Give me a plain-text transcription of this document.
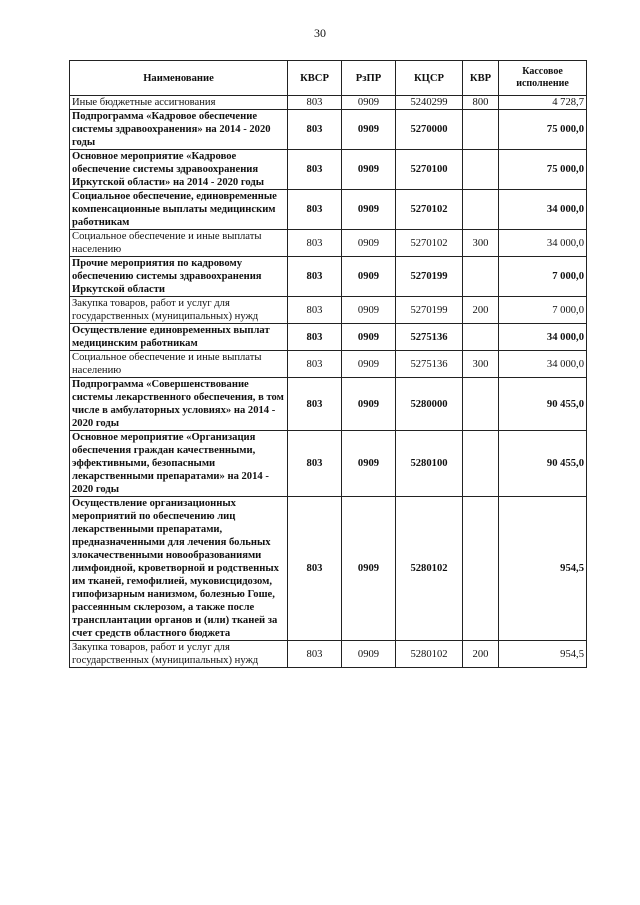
30
Наименование	КВСР	РзПР	КЦСР	КВР	Кассовое исполнение
Иные бюджетные ассигнования	803	0909	5240299	800	4 728,7
Подпрограмма «Кадровое обеспечение системы здравоохранения» на 2014 - 2020 годы	803	0909	5270000		75 000,0
Основное мероприятие «Кадровое обеспечение системы здравоохранения Иркутской области» на 2014 - 2020 годы	803	0909	5270100		75 000,0
Социальное обеспечение, единовременные компенсационные выплаты медицинским работникам	803	0909	5270102		34 000,0
Социальное обеспечение и иные выплаты населению	803	0909	5270102	300	34 000,0
Прочие мероприятия по кадровому обеспечению системы здравоохранения Иркутской области	803	0909	5270199		7 000,0
Закупка товаров, работ и услуг для государственных (муниципальных) нужд	803	0909	5270199	200	7 000,0
Осуществление единовременных выплат медицинским работникам	803	0909	5275136		34 000,0
Социальное обеспечение и иные выплаты населению	803	0909	5275136	300	34 000,0
Подпрограмма «Совершенствование системы лекарственного обеспечения, в том числе в амбулаторных условиях» на 2014 - 2020 годы	803	0909	5280000		90 455,0
Основное мероприятие «Организация обеспечения граждан качественными, эффективными, безопасными лекарственными препаратами» на 2014 - 2020 годы	803	0909	5280100		90 455,0
Осуществление организационных мероприятий по обеспечению лиц лекарственными препаратами, предназначенными для лечения больных злокачественными новообразованиями лимфоидной, кроветворной и родственных им тканей, гемофилией, муковисцидозом, гипофизарным нанизмом, болезнью Гоше, рассеянным склерозом, а также после трансплантации органов и (или) тканей за счет средств областного бюджета	803	0909	5280102		954,5
Закупка товаров, работ и услуг для государственных (муниципальных) нужд	803	0909	5280102	200	954,5
